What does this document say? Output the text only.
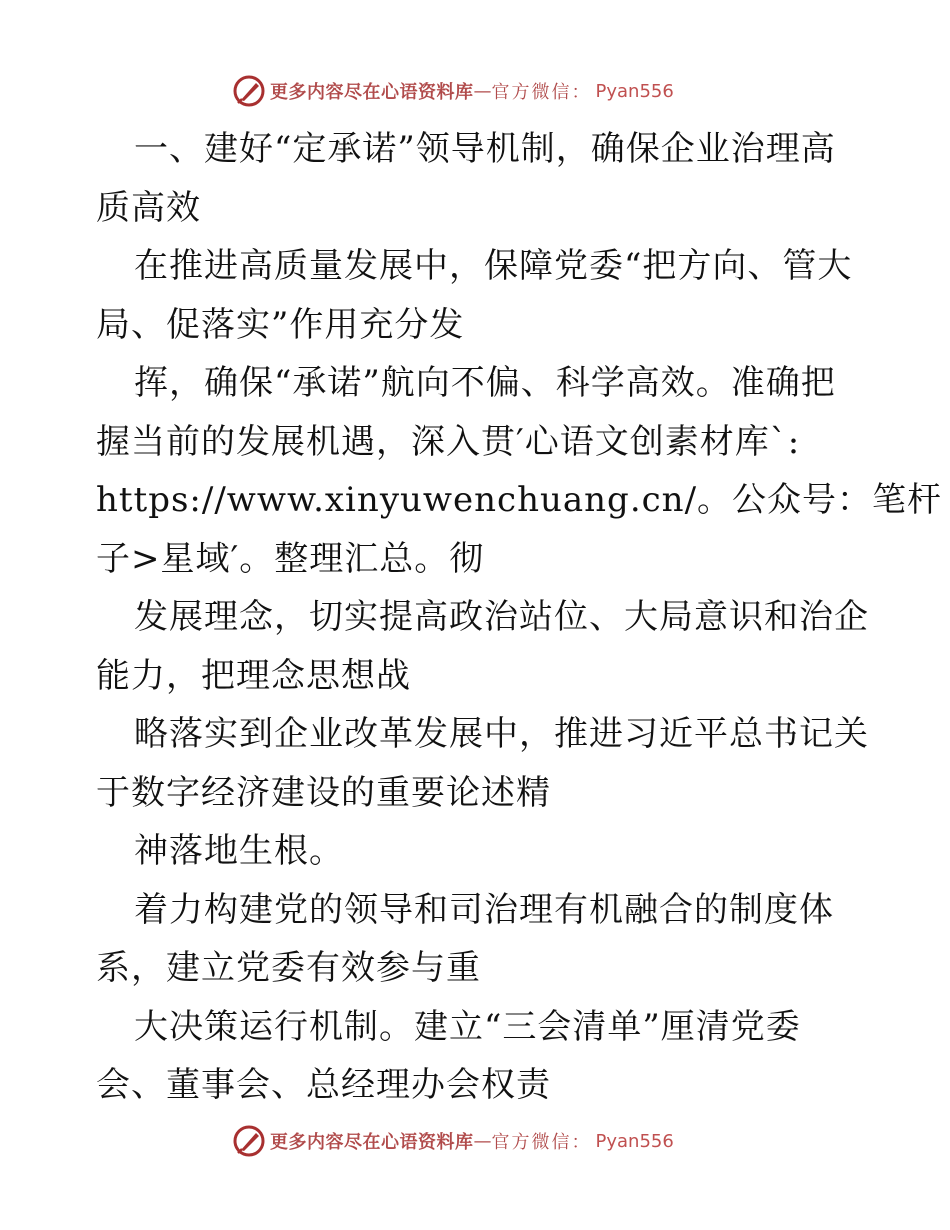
更多内容尽在心语资料库 — 官方微信： Pyan556
一、建好“定承诺”领导机制，确保企业治理高
质高效
在推进高质量发展中，保障党委“把方向、管大
局、促落实”作用充分发
挥，确保“承诺”航向不偏、科学高效。准确把
握当前的发展机遇，深入贯′心语文创素材库`:
https://www.xinyuwenchuang.cn/。公众号：笔杆
子>星域′。整理汇总。彻
发展理念，切实提高政治站位、大局意识和治企
能力，把理念思想战
略落实到企业改革发展中，推进习近平总书记关
于数字经济建设的重要论述精
神落地生根。
着力构建党的领导和司治理有机融合的制度体
系，建立党委有效参与重
大决策运行机制。建立“三会清单”厘清党委
会、董事会、总经理办会权责
更多内容尽在心语资料库 — 官方微信： Pyan556
